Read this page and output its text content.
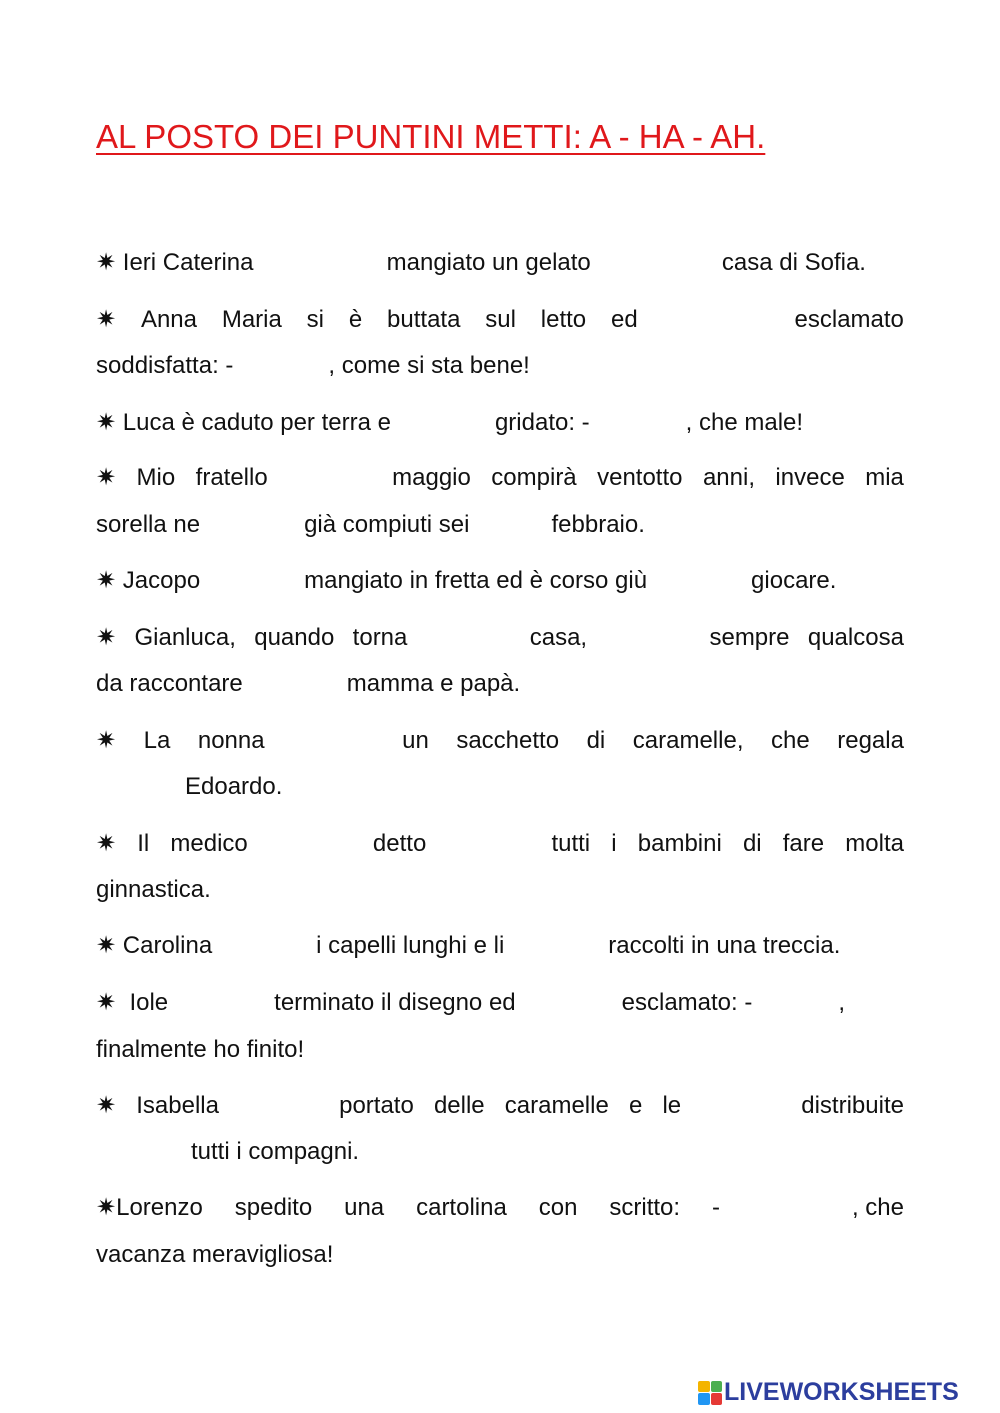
AL POSTO DEI PUNTINI METTI: A - HA - AH.
✷ Ieri Caterina	mangiato un gelato	casa di Sofia.
✷ Anna Maria si è buttata sul letto ed	esclamato
soddisfatta: -	, come si sta bene!
✷
Luca è caduto per terra e	gridato: -	, che male!
✷ Mio fratello	maggio compirà ventotto anni, invece mia
sorella ne	già compiuti sei	febbraio.
✷
Jacopo	mangiato in fretta ed è corso giù	giocare.
✷ Gianluca, quando torna	casa,	sempre qualcosa
da raccontare	mamma e papà.
✷ La nonna	un sacchetto di caramelle, che regala
Edoardo.
✷ Il medico	detto	tutti i bambini di fare molta
ginnastica.
✷
Carolina	i capelli lunghi e li	raccolti in una treccia.
✷
Iole	terminato il disegno ed	esclamato: -	,
finalmente ho finito!
✷ Isabella	portato delle caramelle e le	distribuite
tutti i compagni.
✷Lorenzo spedito una cartolina con scritto: -	, che
vacanza meravigliosa!
LIVEWORKSHEETS
